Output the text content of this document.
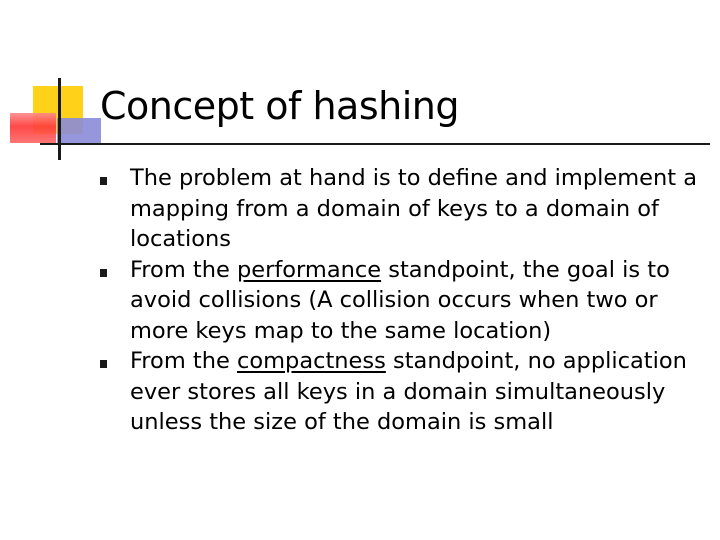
Concept of hashing
The problem at hand is to define and implement a mapping from a domain of keys to a domain of locations
From the performance standpoint, the goal is to avoid collisions (A collision occurs when two or more keys map to the same location)
From the compactness standpoint, no application ever stores all keys in a domain simultaneously unless the size of the domain is small
